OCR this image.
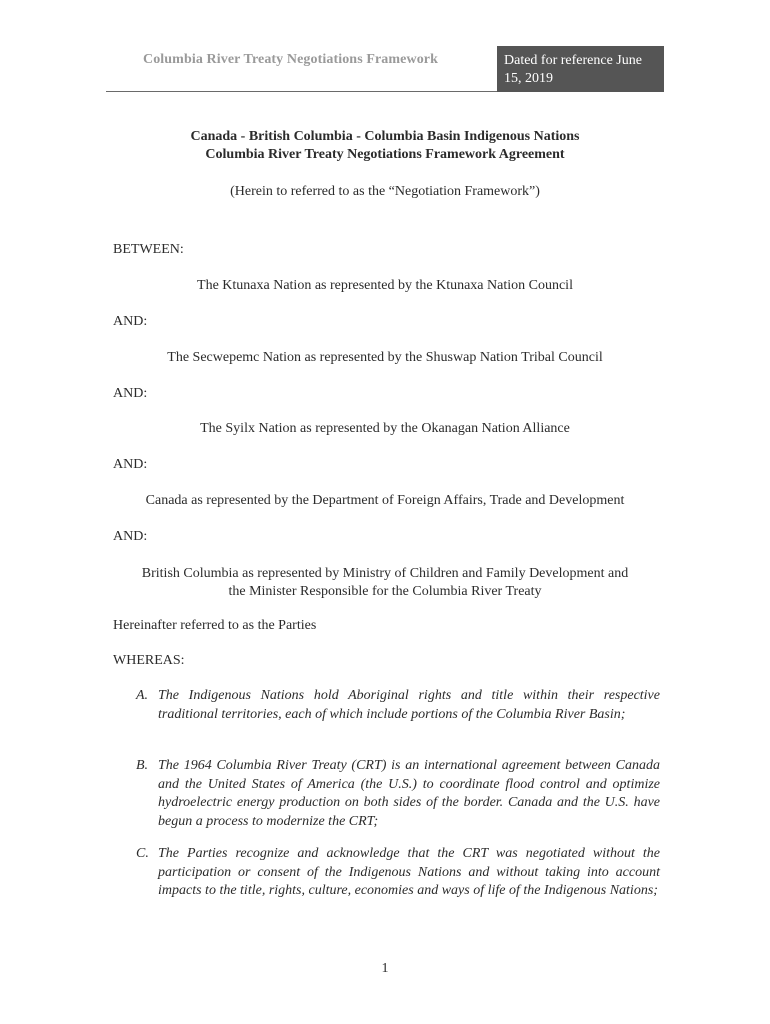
Columbia River Treaty Negotiations Framework	Dated for reference June 15, 2019
Canada - British Columbia - Columbia Basin Indigenous Nations
Columbia River Treaty Negotiations Framework Agreement
(Herein to referred to as the “Negotiation Framework”)
BETWEEN:
The Ktunaxa Nation as represented by the Ktunaxa Nation Council
AND:
The Secwepemc Nation as represented by the Shuswap Nation Tribal Council
AND:
The Syilx Nation as represented by the Okanagan Nation Alliance
AND:
Canada as represented by the Department of Foreign Affairs, Trade and Development
AND:
British Columbia as represented by Ministry of Children and Family Development and
the Minister Responsible for the Columbia River Treaty
Hereinafter referred to as the Parties
WHEREAS:
A. The Indigenous Nations hold Aboriginal rights and title within their respective traditional territories, each of which include portions of the Columbia River Basin;
B. The 1964 Columbia River Treaty (CRT) is an international agreement between Canada and the United States of America (the U.S.) to coordinate flood control and optimize hydroelectric energy production on both sides of the border. Canada and the U.S. have begun a process to modernize the CRT;
C. The Parties recognize and acknowledge that the CRT was negotiated without the participation or consent of the Indigenous Nations and without taking into account impacts to the title, rights, culture, economies and ways of life of the Indigenous Nations;
1
